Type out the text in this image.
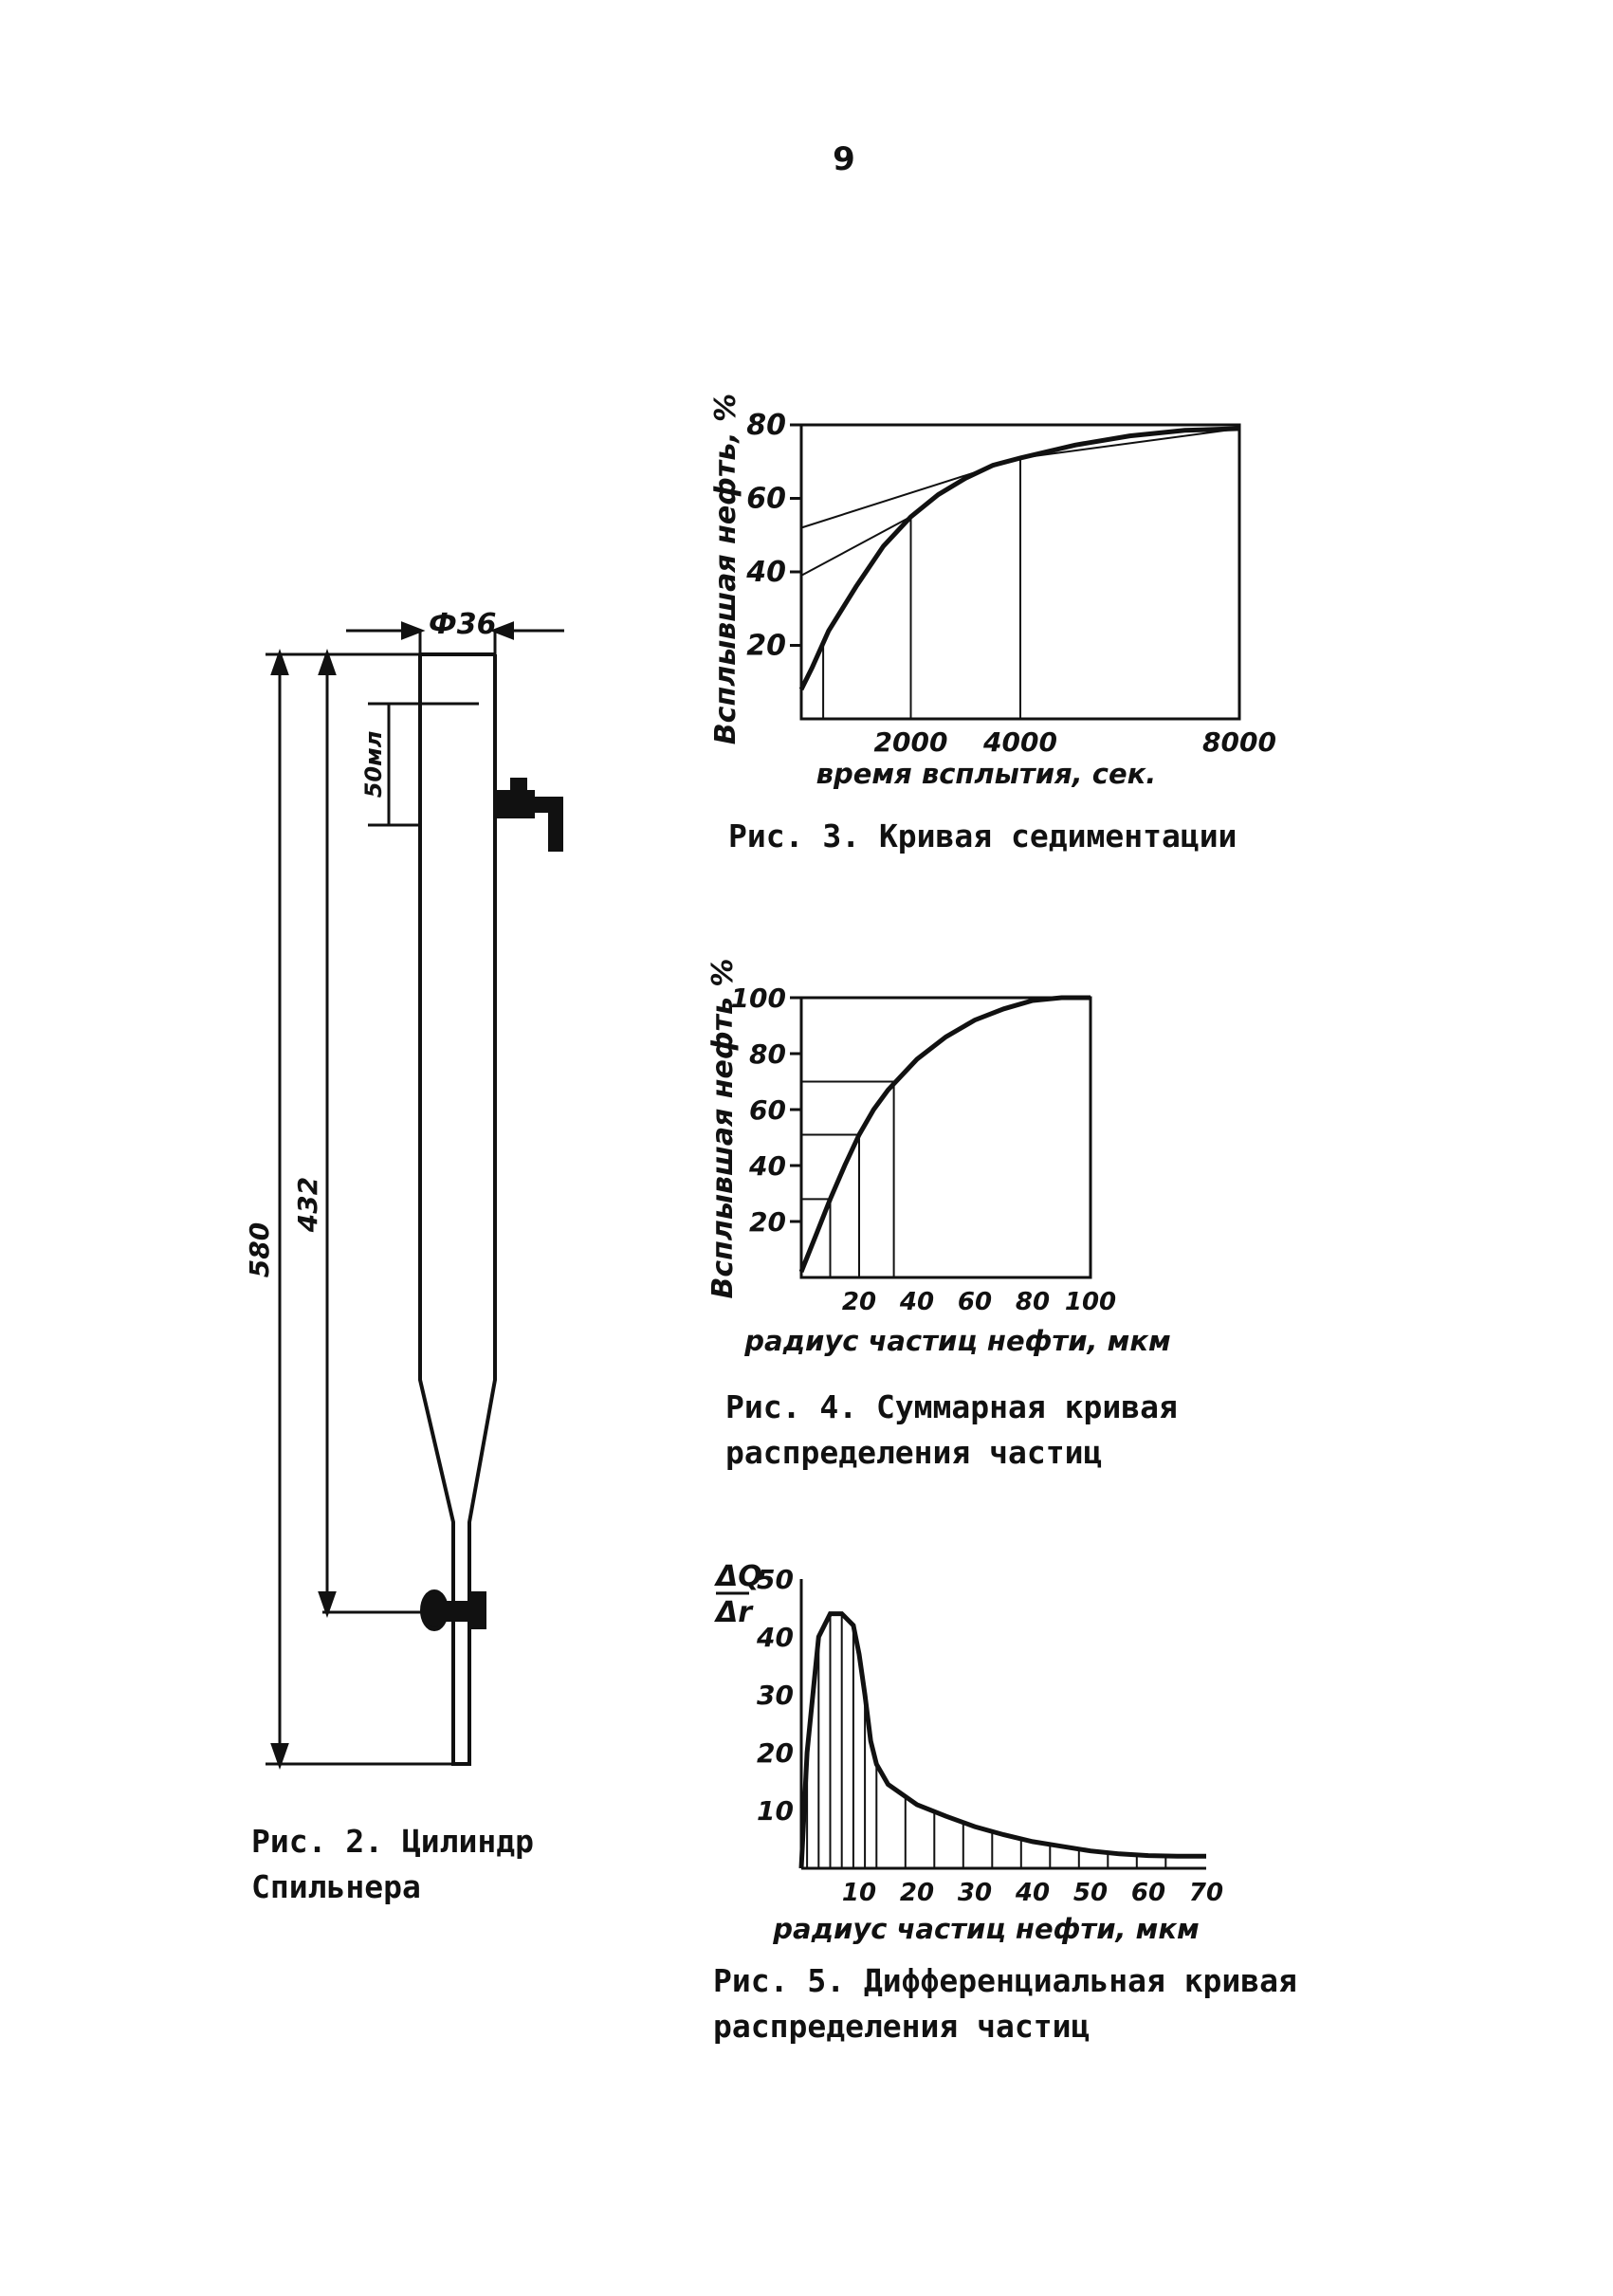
9
Ф36
50мл
580
432
80
60
40
20
2000 4000	8000
Всплывшая нефть, %
время всплытия, сек.
100
80
60
40
20
20 40 60 80 100
Всплывшая нефть %
радиус частиц нефти, мкм
50
40
30
20
10
10 20 30 40 50 60 70
ΔQ
Δr
радиус частиц нефти, мкм

Рис. 2. Цилиндр
Спильнера

Рис. 3. Кривая седиментации

Рис. 4. Суммарная кривая
распределения частиц

Рис. 5. Дифференциальная кривая
распределения частиц
